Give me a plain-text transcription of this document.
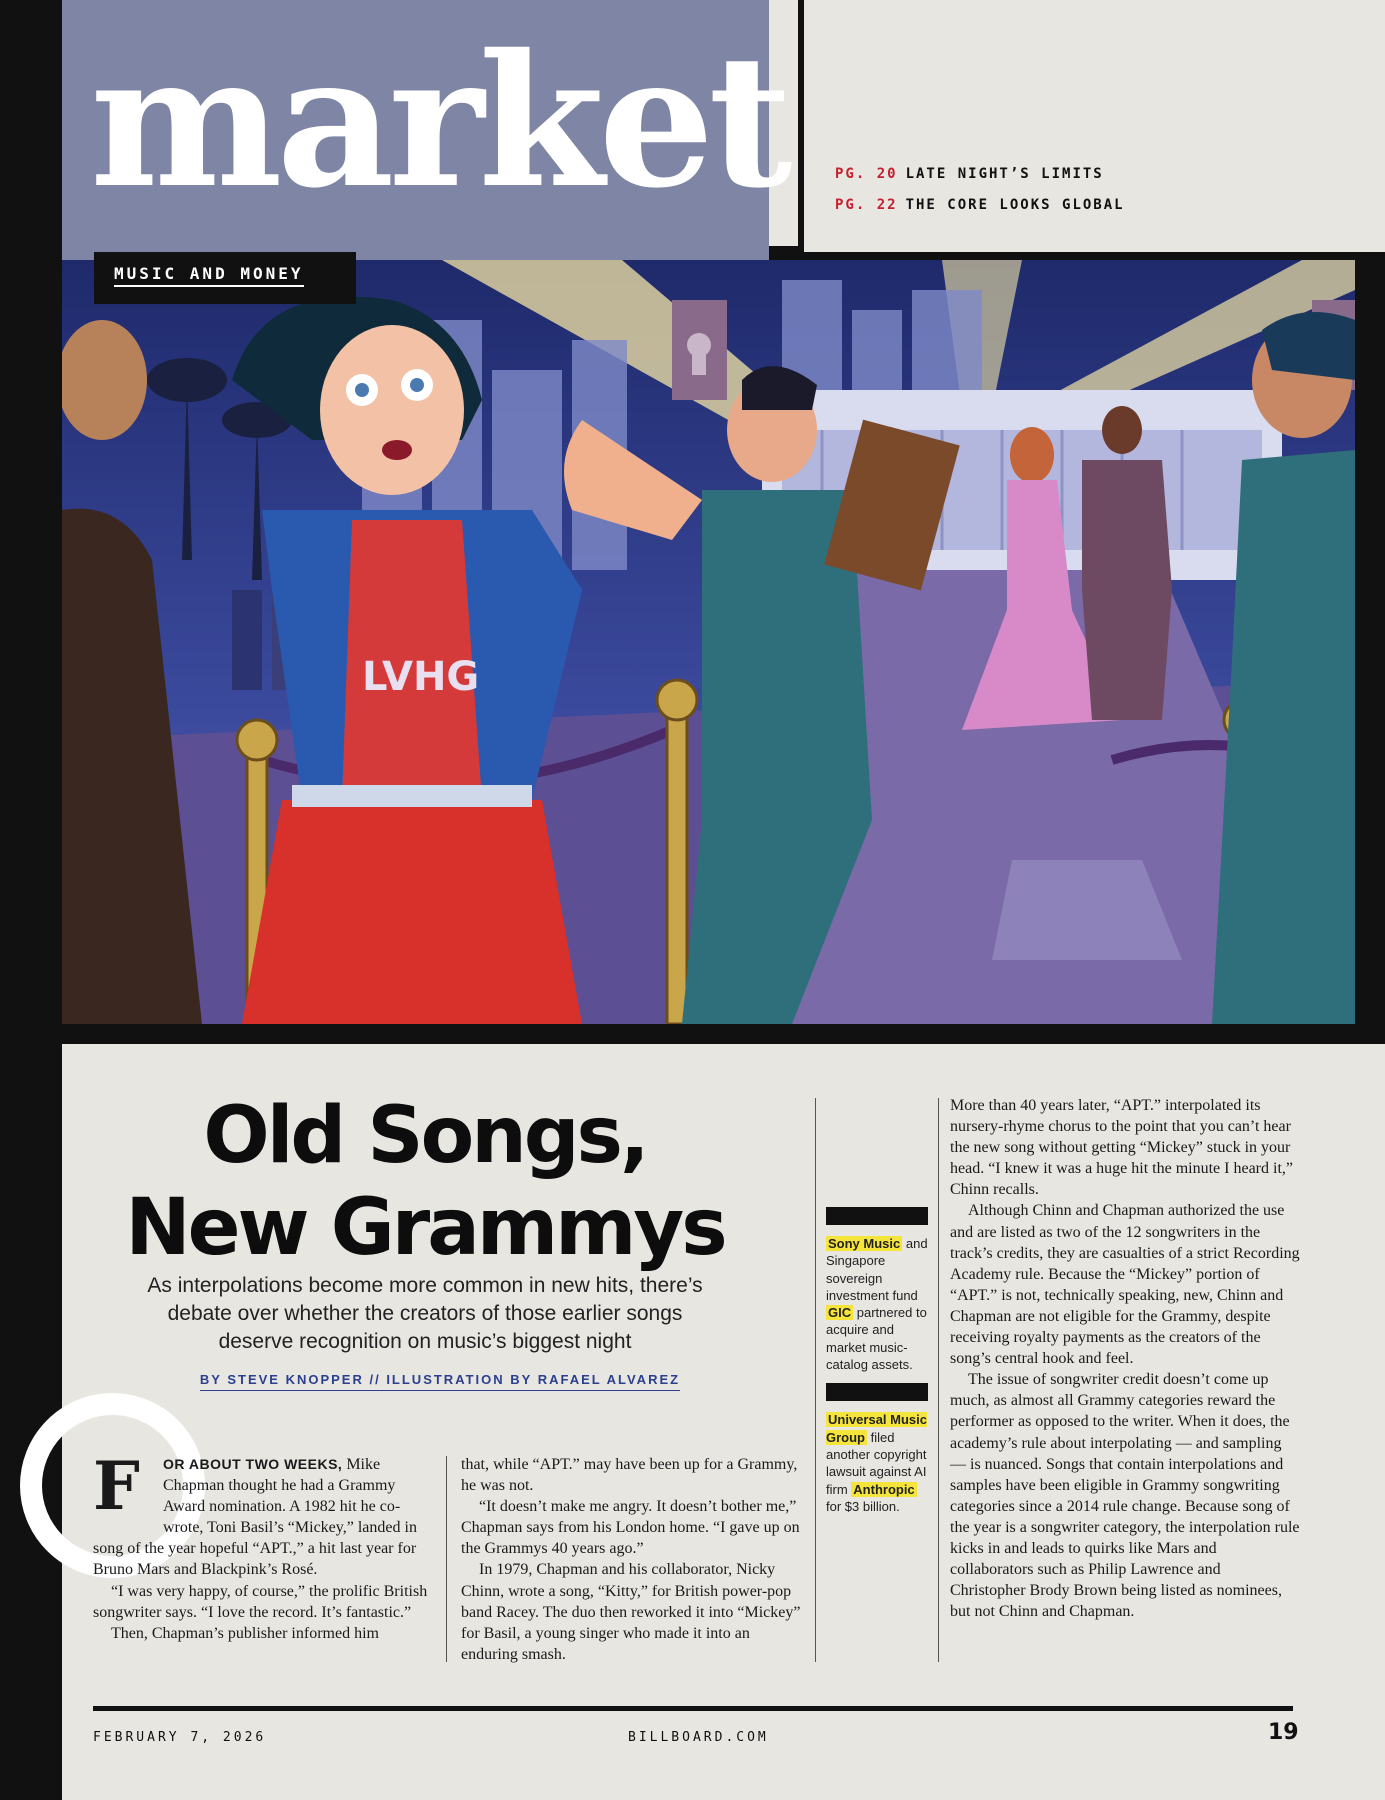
market	PG. 20 LATE NIGHT’S LIMITS
PG. 22 THE CORE LOOKS GLOBAL
LVHG
MUSIC AND MONEY
Old Songs,
New Grammys
As interpolations become more common in new hits, there’s debate over whether the creators of those earlier songs deserve recognition on music’s biggest night
BY STEVE KNOPPER // ILLUSTRATION BY RAFAEL ALVAREZ

F	OR ABOUT TWO WEEKS, Mike Chapman thought he had a Grammy Award nomination. A 1982 hit he co-wrote, Toni Basil’s “Mickey,” landed in song of the year hopeful “APT.,” a hit last year for Bruno Mars and Blackpink’s Rosé.

“I was very happy, of course,” the prolific British songwriter says. “I love the record. It’s fantastic.”

Then, Chapman’s publisher informed him

that, while “APT.” may have been up for a Grammy, he was not.

“It doesn’t make me angry. It doesn’t bother me,” Chapman says from his London home. “I gave up on the Grammys 40 years ago.”

In 1979, Chapman and his collaborator, Nicky Chinn, wrote a song, “Kitty,” for British power-pop band Racey. The duo then reworked it into “Mickey” for Basil, a young singer who made it into an enduring smash.

Sony Music and Singapore sovereign investment fund GIC partnered to acquire and market music-catalog assets.
Universal Music Group filed another copyright lawsuit against AI firm Anthropic for $3 billion.

More than 40 years later, “APT.” interpolated its nursery-rhyme chorus to the point that you can’t hear the new song without getting “Mickey” stuck in your head. “I knew it was a huge hit the minute I heard it,” Chinn recalls.

Although Chinn and Chapman authorized the use and are listed as two of the 12 songwriters in the track’s credits, they are casualties of a strict Recording Academy rule. Because the “Mickey” portion of “APT.” is not, technically speaking, new, Chinn and Chapman are not eligible for the Grammy, despite receiving royalty payments as the creators of the song’s central hook and feel.

The issue of songwriter credit doesn’t come up much, as almost all Grammy categories reward the performer as opposed to the writer. When it does, the academy’s rule about interpolating — and sampling — is nuanced. Songs that contain interpolations and samples have been eligible in Grammy songwriting categories since a 2014 rule change. Because song of the year is a songwriter category, the interpolation rule kicks in and leads to quirks like Mars and collaborators such as Philip Lawrence and Christopher Brody Brown being listed as nominees, but not Chinn and Chapman.

FEBRUARY 7, 2026	BILLBOARD.COM	19
